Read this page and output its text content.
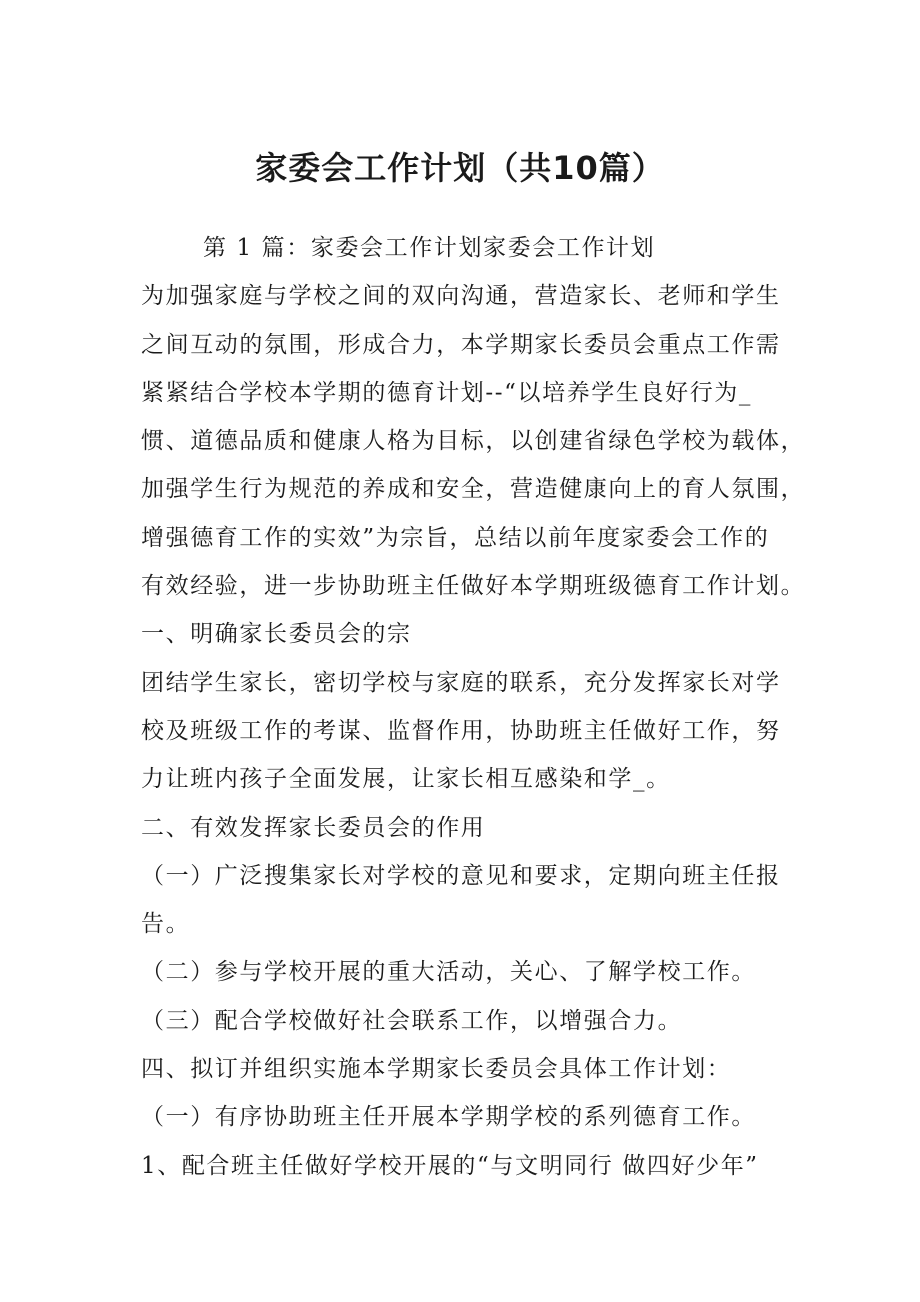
家委会工作计划（共10篇）
第 1 篇：家委会工作计划家委会工作计划
为加强家庭与学校之间的双向沟通，营造家长、老师和学生
之间互动的氛围，形成合力，本学期家长委员会重点工作需
紧紧结合学校本学期的德育计划--“以培养学生良好行为_
惯、道德品质和健康人格为目标，以创建省绿色学校为载体，
加强学生行为规范的养成和安全，营造健康向上的育人氛围，
增强德育工作的实效”为宗旨，总结以前年度家委会工作的
有效经验，进一步协助班主任做好本学期班级德育工作计划。
一、明确家长委员会的宗
团结学生家长，密切学校与家庭的联系，充分发挥家长对学
校及班级工作的考谋、监督作用，协助班主任做好工作，努
力让班内孩子全面发展，让家长相互感染和学_。
二、有效发挥家长委员会的作用
（一）广泛搜集家长对学校的意见和要求，定期向班主任报
告。
（二）参与学校开展的重大活动，关心、了解学校工作。
（三）配合学校做好社会联系工作，以增强合力。
四、拟订并组织实施本学期家长委员会具体工作计划：
（一）有序协助班主任开展本学期学校的系列德育工作。
1、配合班主任做好学校开展的“与文明同行 做四好少年”
